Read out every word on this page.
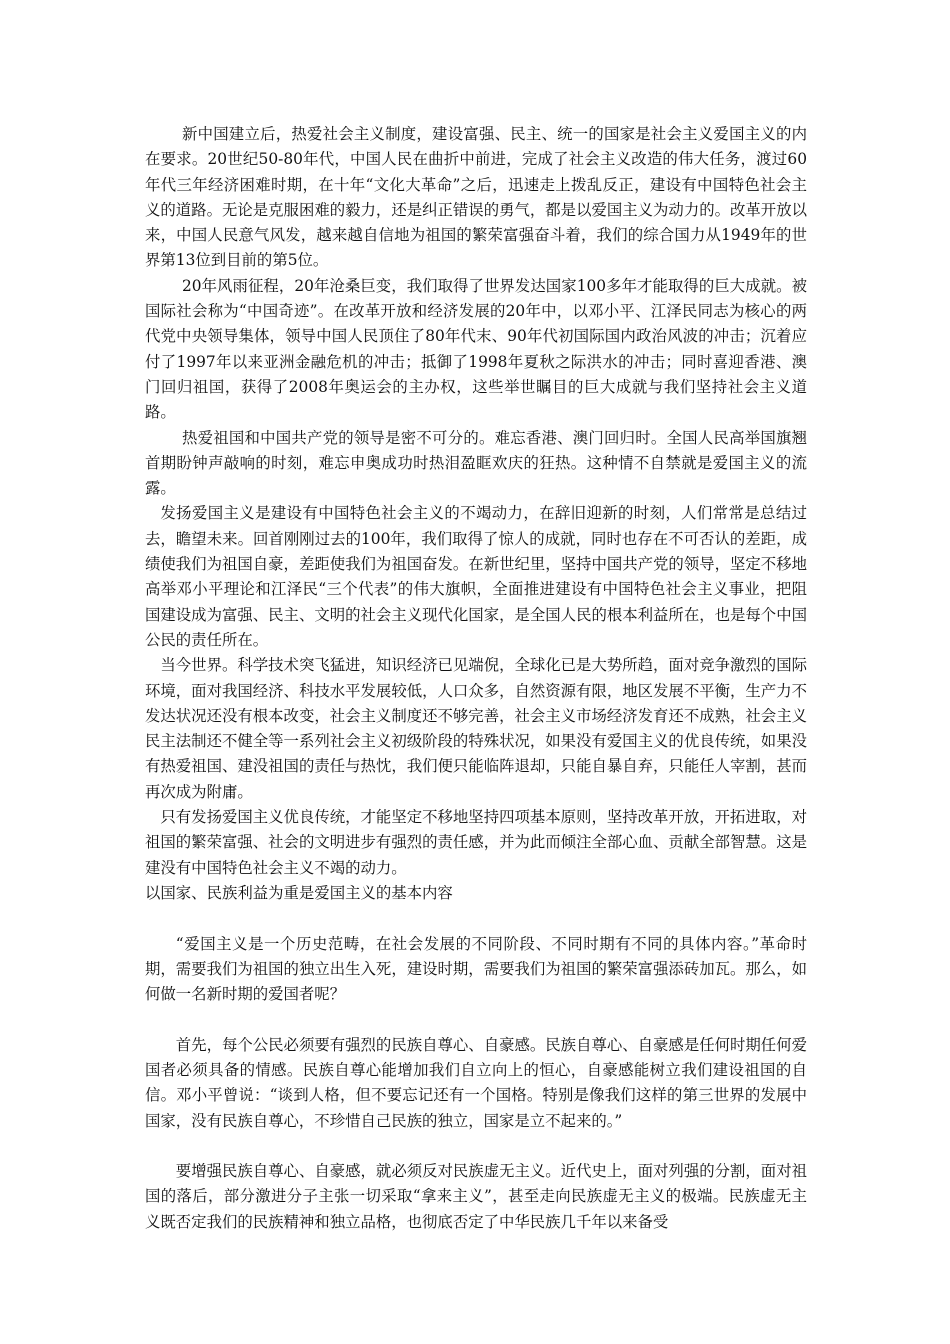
新中国建立后，热爱社会主义制度，建设富强、民主、统一的国家是社会主义爱国主义的内在要求。20世纪50-80年代，中国人民在曲折中前进，完成了社会主义改造的伟大任务，渡过60年代三年经济困难时期，在十年“文化大革命”之后，迅速走上拨乱反正，建设有中国特色社会主义的道路。无论是克服困难的毅力，还是纠正错误的勇气，都是以爱国主义为动力的。改革开放以来，中国人民意气风发，越来越自信地为祖国的繁荣富强奋斗着，我们的综合国力从1949年的世界第13位到目前的第5位。

20年风雨征程，20年沧桑巨变，我们取得了世界发达国家100多年才能取得的巨大成就。被国际社会称为“中国奇迹”。在改革开放和经济发展的20年中，以邓小平、江泽民同志为核心的两代党中央领导集体，领导中国人民顶住了80年代末、90年代初国际国内政治风波的冲击；沉着应付了1997年以来亚洲金融危机的冲击；抵御了1998年夏秋之际洪水的冲击；同时喜迎香港、澳门回归祖国，获得了2008年奥运会的主办权，这些举世瞩目的巨大成就与我们坚持社会主义道路。

热爱祖国和中国共产党的领导是密不可分的。难忘香港、澳门回归时。全国人民高举国旗翘首期盼钟声敲响的时刻，难忘申奥成功时热泪盈眶欢庆的狂热。这种情不自禁就是爱国主义的流露。

发扬爱国主义是建设有中国特色社会主义的不竭动力，在辞旧迎新的时刻，人们常常是总结过去，瞻望未来。回首刚刚过去的100年，我们取得了惊人的成就，同时也存在不可否认的差距，成绩使我们为祖国自豪，差距使我们为祖国奋发。在新世纪里，坚持中国共产党的领导，坚定不移地高举邓小平理论和江泽民“三个代表”的伟大旗帜，全面推进建设有中国特色社会主义事业，把阻国建设成为富强、民主、文明的社会主义现代化国家，是全国人民的根本利益所在，也是每个中国公民的责任所在。

当今世界。科学技术突飞猛进，知识经济已见端倪，全球化已是大势所趋，面对竞争激烈的国际环境，面对我国经济、科技水平发展较低，人口众多，自然资源有限，地区发展不平衡，生产力不发达状况还没有根本改变，社会主义制度还不够完善，社会主义市场经济发育还不成熟，社会主义民主法制还不健全等一系列社会主义初级阶段的特殊状况，如果没有爱国主义的优良传统，如果没有热爱祖国、建没祖国的责任与热忱，我们便只能临阵退却，只能自暴自弃，只能任人宰割，甚而再次成为附庸。

只有发扬爱国主义优良传统，才能坚定不移地坚持四项基本原则，坚持改革开放，开拓进取，对祖国的繁荣富强、社会的文明进步有强烈的责任感，并为此而倾注全部心血、贡献全部智慧。这是建没有中国特色社会主义不竭的动力。

以国家、民族利益为重是爱国主义的基本内容

“爱国主义是一个历史范畴，在社会发展的不同阶段、不同时期有不同的具体内容。”革命时期，需要我们为祖国的独立出生入死，建设时期，需要我们为祖国的繁荣富强添砖加瓦。那么，如何做一名新时期的爱国者呢？

首先，每个公民必须要有强烈的民族自尊心、自豪感。民族自尊心、自豪感是任何时期任何爱国者必须具备的情感。民族自尊心能增加我们自立向上的恒心，自豪感能树立我们建设祖国的自信。邓小平曾说：“谈到人格，但不要忘记还有一个国格。特别是像我们这样的第三世界的发展中国家，没有民族自尊心，不珍惜自己民族的独立，国家是立不起来的。”

要增强民族自尊心、自豪感，就必须反对民族虚无主义。近代史上，面对列强的分割，面对祖国的落后，部分激进分子主张一切采取“拿来主义”，甚至走向民族虚无主义的极端。民族虚无主义既否定我们的民族精神和独立品格，也彻底否定了中华民族几千年以来备受
